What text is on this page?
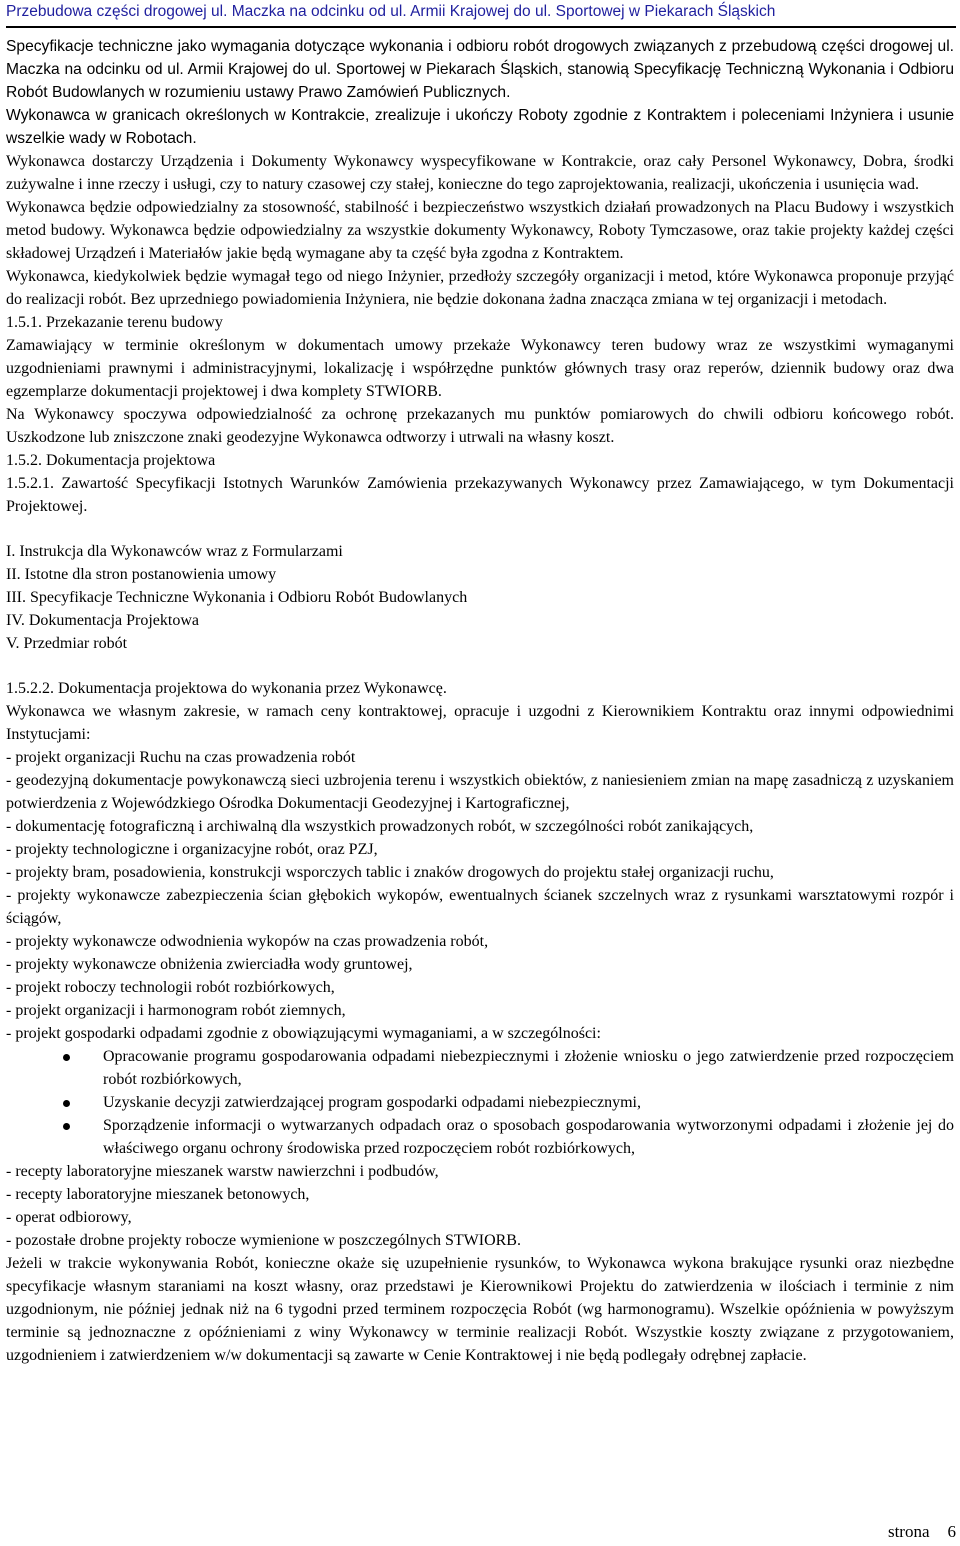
Przebudowa części drogowej ul. Maczka na odcinku od ul. Armii Krajowej do ul. Sportowej w Piekarach Śląskich

Specyfikacje techniczne jako wymagania dotyczące wykonania i odbioru robót drogowych związanych z przebudową części drogowej ul. Maczka na odcinku od ul. Armii Krajowej do ul. Sportowej w Piekarach Śląskich, stanowią Specyfikację Techniczną Wykonania i Odbioru Robót Budowlanych w rozumieniu ustawy Prawo Zamówień Publicznych.

Wykonawca w granicach określonych w Kontrakcie, zrealizuje i ukończy Roboty zgodnie z Kontraktem i poleceniami Inżyniera i usunie wszelkie wady w Robotach.

Wykonawca dostarczy Urządzenia i Dokumenty Wykonawcy wyspecyfikowane w Kontrakcie, oraz cały Personel Wykonawcy, Dobra, środki zużywalne i inne rzeczy i usługi, czy to natury czasowej czy stałej, konieczne do tego zaprojektowania, realizacji, ukończenia i usunięcia wad.

Wykonawca będzie odpowiedzialny za stosowność, stabilność i bezpieczeństwo wszystkich działań prowadzonych na Placu Budowy i wszystkich metod budowy. Wykonawca będzie odpowiedzialny za wszystkie dokumenty Wykonawcy, Roboty Tymczasowe, oraz takie projekty każdej części składowej Urządzeń i Materiałów jakie będą wymagane aby ta część była zgodna z Kontraktem.

Wykonawca, kiedykolwiek będzie wymagał tego od niego Inżynier, przedłoży szczegóły organizacji i metod, które Wykonawca proponuje przyjąć do realizacji robót. Bez uprzedniego powiadomienia Inżyniera, nie będzie dokonana żadna znacząca zmiana w tej organizacji i metodach.

1.5.1. Przekazanie terenu budowy

Zamawiający w terminie określonym w dokumentach umowy przekaże Wykonawcy teren budowy wraz ze wszystkimi wymaganymi uzgodnieniami prawnymi i administracyjnymi, lokalizację i współrzędne punktów głównych trasy oraz reperów, dziennik budowy oraz dwa egzemplarze dokumentacji projektowej i dwa komplety STWIORB.

Na Wykonawcy spoczywa odpowiedzialność za ochronę przekazanych mu punktów pomiarowych do chwili odbioru końcowego robót. Uszkodzone lub zniszczone znaki geodezyjne Wykonawca odtworzy i utrwali na własny koszt.

1.5.2. Dokumentacja projektowa

1.5.2.1. Zawartość Specyfikacji Istotnych Warunków Zamówienia przekazywanych Wykonawcy przez Zamawiającego, w tym Dokumentacji Projektowej.

I. Instrukcja dla Wykonawców wraz z Formularzami

II. Istotne dla stron postanowienia umowy

III. Specyfikacje Techniczne Wykonania i Odbioru Robót Budowlanych

IV. Dokumentacja Projektowa

V. Przedmiar robót

1.5.2.2. Dokumentacja projektowa do wykonania przez Wykonawcę.

Wykonawca we własnym zakresie, w ramach ceny kontraktowej, opracuje i uzgodni z Kierownikiem Kontraktu oraz innymi odpowiednimi Instytucjami:

- projekt organizacji Ruchu na czas prowadzenia robót

- geodezyjną dokumentacje powykonawczą sieci uzbrojenia terenu i wszystkich obiektów, z naniesieniem zmian na mapę zasadniczą z uzyskaniem potwierdzenia z Wojewódzkiego Ośrodka Dokumentacji Geodezyjnej i Kartograficznej,

- dokumentację fotograficzną i archiwalną dla wszystkich prowadzonych robót, w szczególności robót zanikających,

- projekty technologiczne i organizacyjne robót, oraz PZJ,

- projekty bram, posadowienia, konstrukcji wsporczych tablic i znaków drogowych do projektu stałej organizacji ruchu,

- projekty wykonawcze zabezpieczenia ścian głębokich wykopów, ewentualnych ścianek szczelnych wraz z rysunkami warsztatowymi rozpór i ściągów,

- projekty wykonawcze odwodnienia wykopów na czas prowadzenia robót,

- projekty wykonawcze obniżenia zwierciadła wody gruntowej,

- projekt roboczy technologii robót rozbiórkowych,

- projekt organizacji i harmonogram robót ziemnych,

- projekt gospodarki odpadami zgodnie z obowiązującymi wymaganiami, a w szczególności:

Opracowanie programu gospodarowania odpadami niebezpiecznymi i złożenie wniosku o jego zatwierdzenie przed rozpoczęciem robót rozbiórkowych,
Uzyskanie decyzji zatwierdzającej program gospodarki odpadami niebezpiecznymi,
Sporządzenie informacji o wytwarzanych odpadach oraz o sposobach gospodarowania wytworzonymi odpadami i złożenie jej do właściwego organu ochrony środowiska przed rozpoczęciem robót rozbiórkowych,

- recepty laboratoryjne mieszanek warstw nawierzchni i podbudów,

- recepty laboratoryjne mieszanek betonowych,

- operat odbiorowy,

- pozostałe drobne projekty robocze wymienione w poszczególnych STWIORB.

Jeżeli w trakcie wykonywania Robót, konieczne okaże się uzupełnienie rysunków, to Wykonawca wykona brakujące rysunki oraz niezbędne specyfikacje własnym staraniami na koszt własny, oraz przedstawi je Kierownikowi Projektu do zatwierdzenia w ilościach i terminie z nim uzgodnionym, nie później jednak niż na 6 tygodni przed terminem rozpoczęcia Robót (wg harmonogramu). Wszelkie opóźnienia w powyższym terminie są jednoznaczne z opóźnieniami z winy Wykonawcy w terminie realizacji Robót. Wszystkie koszty związane z przygotowaniem, uzgodnieniem i zatwierdzeniem w/w dokumentacji są zawarte w Cenie Kontraktowej i nie będą podlegały odrębnej zapłacie.

strona 6
